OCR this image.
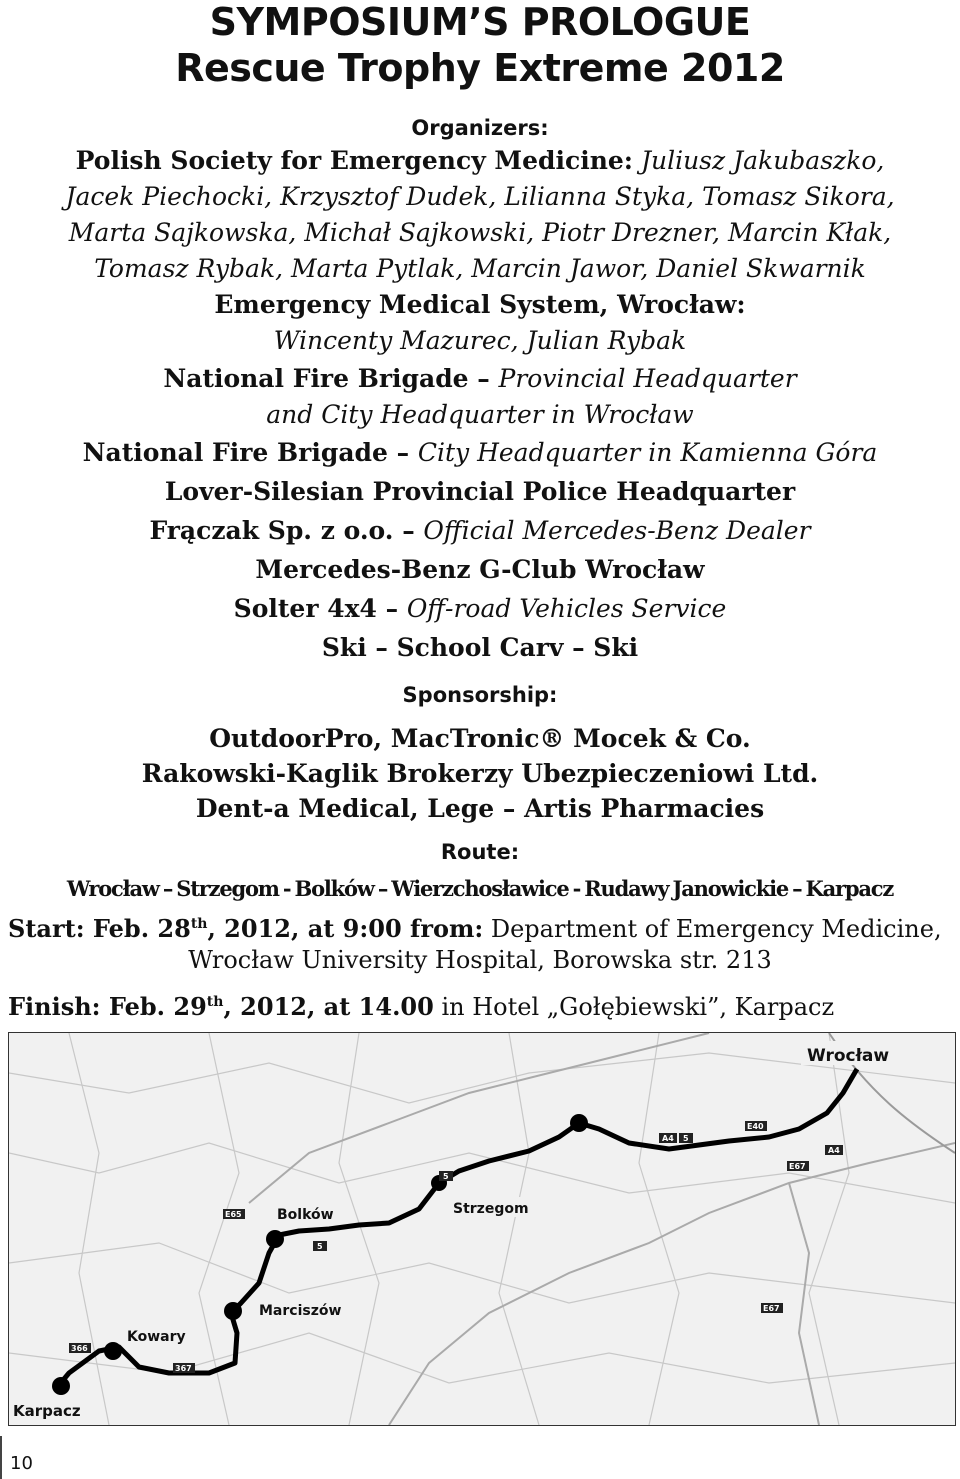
SYMPOSIUM’S PROLOGUE
Rescue Trophy Extreme 2012
Organizers:
Polish Society for Emergency Medicine: Juliusz Jakubaszko,
Jacek Piechocki, Krzysztof Dudek, Lilianna Styka, Tomasz Sikora,
Marta Sajkowska, Michał Sajkowski, Piotr Drezner, Marcin Kłak,
Tomasz Rybak, Marta Pytlak, Marcin Jawor, Daniel Skwarnik
Emergency Medical System, Wrocław:
Wincenty Mazurec, Julian Rybak
National Fire Brigade – Provincial Headquarter
and City Headquarter in Wrocław
National Fire Brigade – City Headquarter in Kamienna Góra
Lover-Silesian Provincial Police Headquarter
Frączak Sp. z o.o. – Official Mercedes-Benz Dealer
Mercedes-Benz G-Club Wrocław
Solter 4x4 – Off-road Vehicles Service
Ski – School Carv – Ski
Sponsorship:
OutdoorPro, MacTronic® Mocek & Co.
Rakowski-Kaglik Brokerzy Ubezpieczeniowi Ltd.
Dent-a Medical, Lege – Artis Pharmacies
Route:
Wrocław – Strzegom - Bolków – Wierzchosławice - Rudawy Janowickie – Karpacz
Start: Feb. 28th, 2012, at 9:00 from: Department of Emergency Medicine,
Wrocław University Hospital, Borowska str. 213
Finish: Feb. 29th, 2012, at 14.00 in Hotel „Gołębiewski”, Karpacz
A4 5
E40
5
5
366
367
E67
E67
A4
E65
Wrocław
Strzegom
Bolków
Marciszów
Kowary
Karpacz
10
